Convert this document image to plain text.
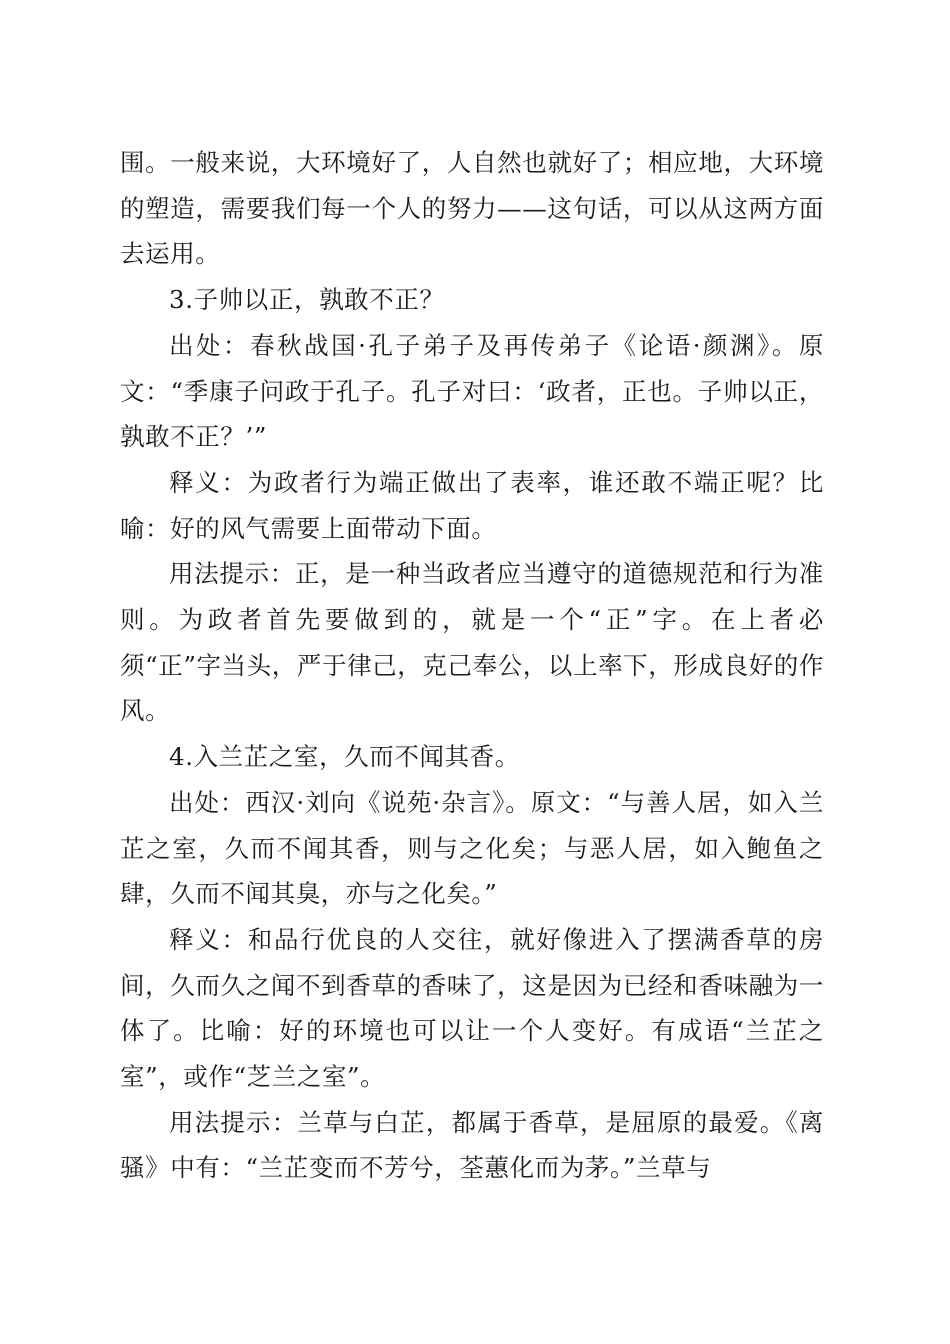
围。一般来说，大环境好了，人自然也就好了；相应地，大环境的塑造，需要我们每一个人的努力——这句话，可以从这两方面去运用。

3.子帅以正，孰敢不正？

出处：春秋战国·孔子弟子及再传弟子《论语·颜渊》。原文：“季康子问政于孔子。孔子对曰：‘政者，正也。子帅以正，孰敢不正？’”

释义：为政者行为端正做出了表率，谁还敢不端正呢？比喻：好的风气需要上面带动下面。

用法提示：正，是一种当政者应当遵守的道德规范和行为准则。为政者首先要做到的，就是一个“正”字。在上者必须“正”字当头，严于律己，克己奉公，以上率下，形成良好的作风。

4.入兰芷之室，久而不闻其香。

出处：西汉·刘向《说苑·杂言》。原文：“与善人居，如入兰芷之室，久而不闻其香，则与之化矣；与恶人居，如入鲍鱼之肆，久而不闻其臭，亦与之化矣。”

释义：和品行优良的人交往，就好像进入了摆满香草的房间，久而久之闻不到香草的香味了，这是因为已经和香味融为一体了。比喻：好的环境也可以让一个人变好。有成语“兰芷之室”，或作“芝兰之室”。

用法提示：兰草与白芷，都属于香草，是屈原的最爱。《离骚》中有：“兰芷变而不芳兮，荃蕙化而为茅。”兰草与
